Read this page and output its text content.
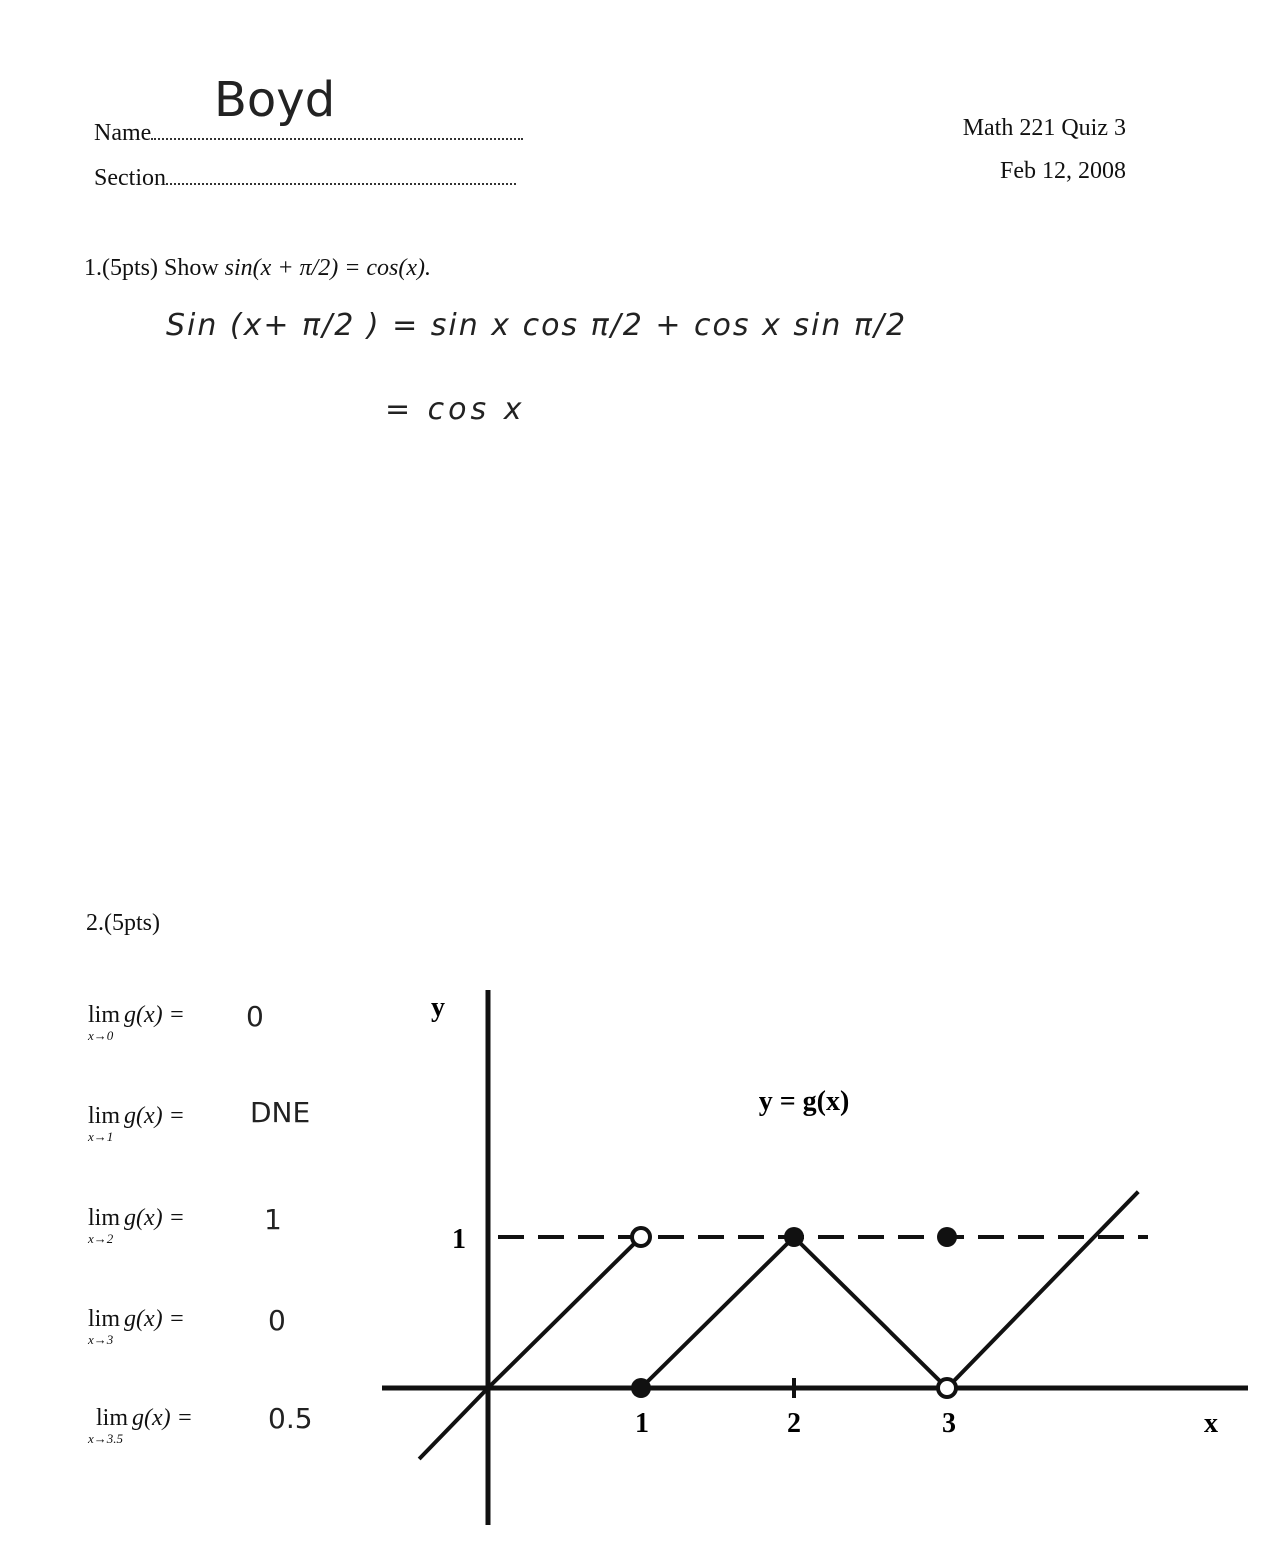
Name
Boyd
Section
Math 221 Quiz 3
Feb 12, 2008
1.(5pts) Show sin(x + π/2) = cos(x).
Sin (x+ π/2 ) = sin x cos π/2 + cos x sin π/2
= cos x
2.(5pts)
lim
x→0
g(x) = 0
lim
x→1
g(x) = DNE
lim
x→2
g(x) =	1
lim
x→3
g(x) =	0
lim
x→3.5
g(x) =	0.5
y
x
1
1	2	3
y = g(x)
